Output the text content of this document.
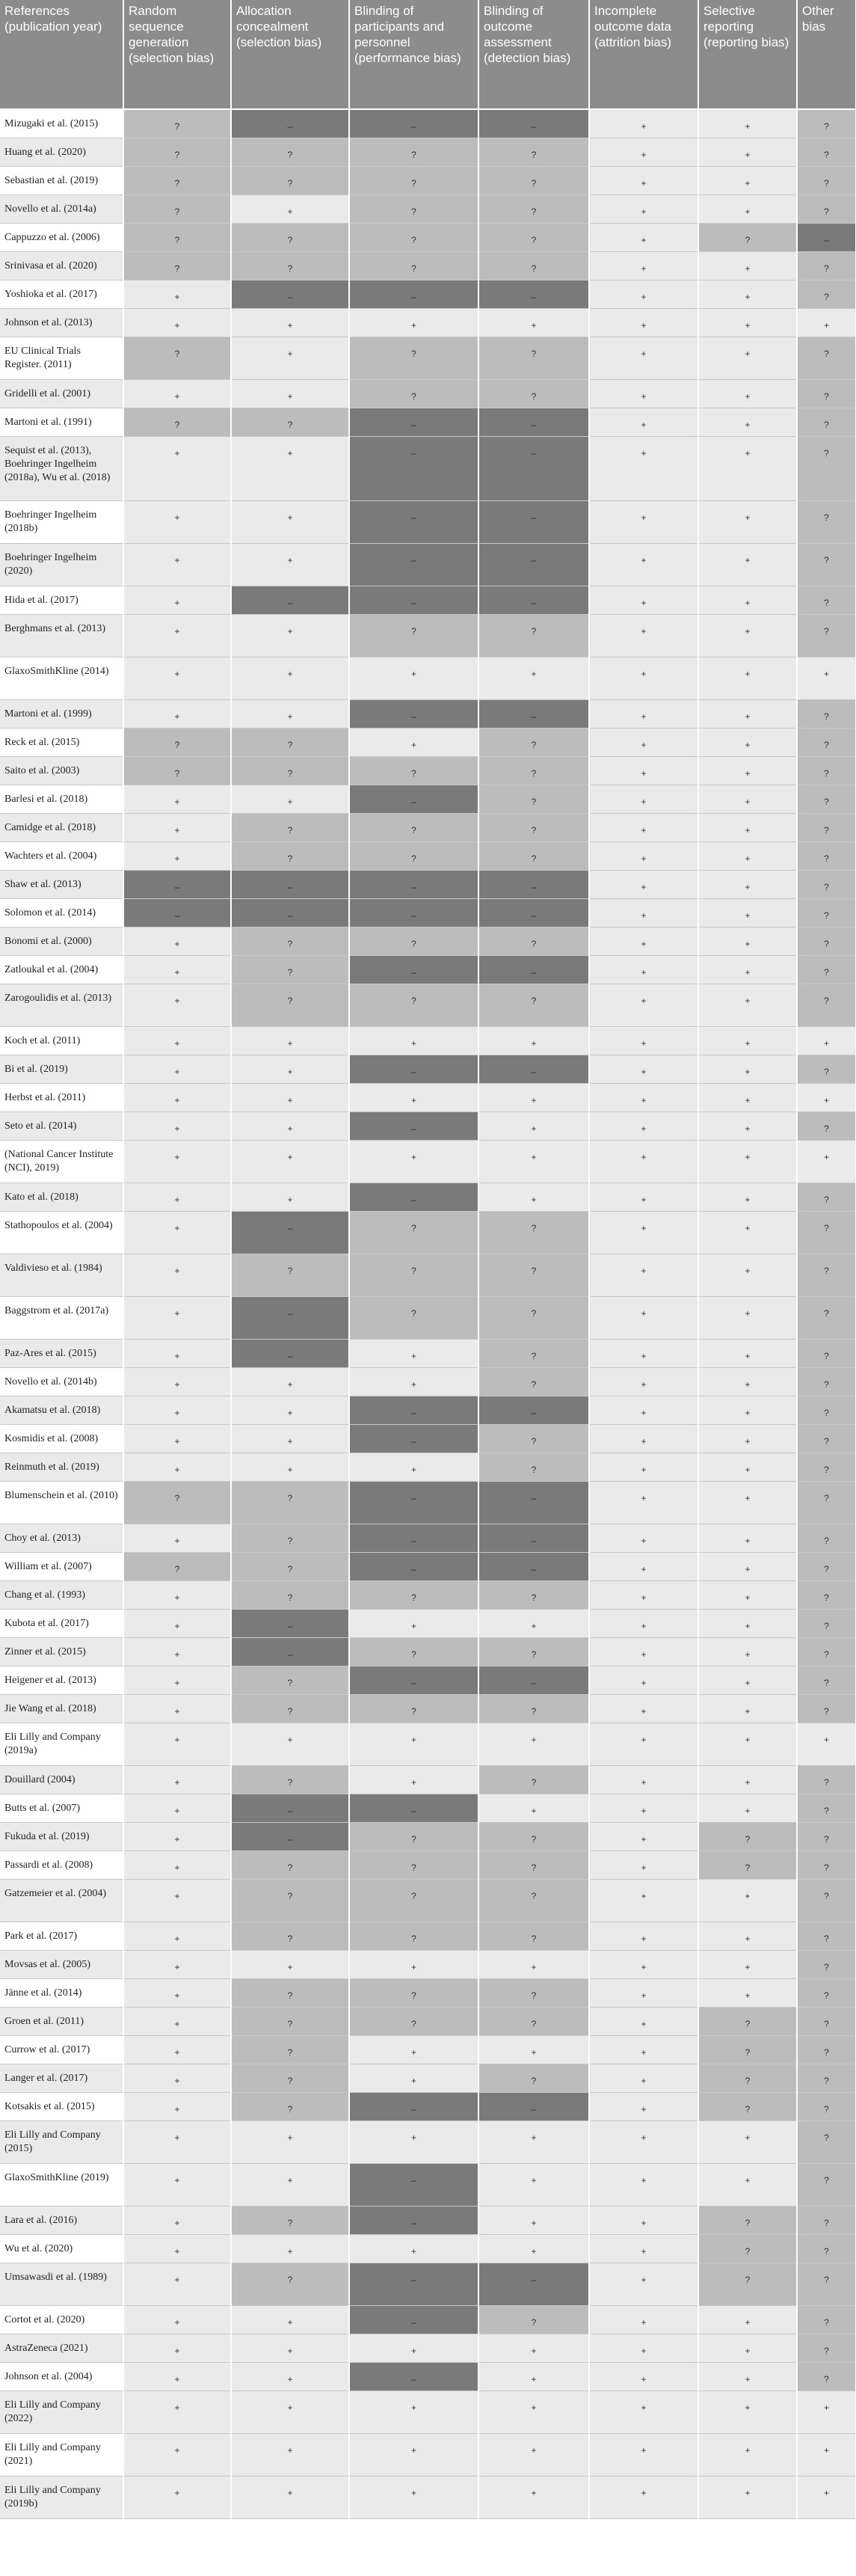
References (publication year)	Random sequence generation (selection bias)	Allocation concealment (selection bias)	Blinding of participants and personnel (performance bias)	Blinding of outcome assessment (detection bias)	Incomplete outcome data (attrition bias)	Selective reporting (reporting bias)	Other bias
Mizugaki et al. (2015)	?	–	–	–	+	+	?
Huang et al. (2020)	?	?	?	?	+	+	?
Sebastian et al. (2019)	?	?	?	?	+	+	?
Novello et al. (2014a)	?	+	?	?	+	+	?
Cappuzzo et al. (2006)	?	?	?	?	+	?	–
Srinivasa et al. (2020)	?	?	?	?	+	+	?
Yoshioka et al. (2017)	+	–	–	–	+	+	?
Johnson et al. (2013)	+	+	+	+	+	+	+
EU Clinical Trials Register. (2011)	?	+	?	?	+	+	?
Gridelli et al. (2001)	+	+	?	?	+	+	?
Martoni et al. (1991)	?	?	–	–	+	+	?
Sequist et al. (2013), Boehringer Ingelheim (2018a), Wu et al. (2018)	+	+	–	–	+	+	?
Boehringer Ingelheim (2018b)	+	+	–	–	+	+	?
Boehringer Ingelheim (2020)	+	+	–	–	+	+	?
Hida et al. (2017)	+	–	–	–	+	+	?
Berghmans et al. (2013)	+	+	?	?	+	+	?
GlaxoSmithKline (2014)	+	+	+	+	+	+	+
Martoni et al. (1999)	+	+	–	–	+	+	?
Reck et al. (2015)	?	?	+	?	+	+	?
Saito et al. (2003)	?	?	?	?	+	+	?
Barlesi et al. (2018)	+	+	–	?	+	+	?
Camidge et al. (2018)	+	?	?	?	+	+	?
Wachters et al. (2004)	+	?	?	?	+	+	?
Shaw et al. (2013)	–	–	–	–	+	+	?
Solomon et al. (2014)	–	–	–	–	+	+	?
Bonomi et al. (2000)	+	?	?	?	+	+	?
Zatloukal et al. (2004)	+	?	–	–	+	+	?
Zarogoulidis et al. (2013)	+	?	?	?	+	+	?
Koch et al. (2011)	+	+	+	+	+	+	+
Bi et al. (2019)	+	+	–	–	+	+	?
Herbst et al. (2011)	+	+	+	+	+	+	+
Seto et al. (2014)	+	+	–	+	+	+	?
(National Cancer Institute (NCI), 2019)	+	+	+	+	+	+	+
Kato et al. (2018)	+	+	–	+	+	+	?
Stathopoulos et al. (2004)	+	–	?	?	+	+	?
Valdivieso et al. (1984)	+	?	?	?	+	+	?
Baggstrom et al. (2017a)	+	–	?	?	+	+	?
Paz-Ares et al. (2015)	+	–	+	?	+	+	?
Novello et al. (2014b)	+	+	+	?	+	+	?
Akamatsu et al. (2018)	+	+	–	–	+	+	?
Kosmidis et al. (2008)	+	+	–	?	+	+	?
Reinmuth et al. (2019)	+	+	+	?	+	+	?
Blumenschein et al. (2010)	?	?	–	–	+	+	?
Choy et al. (2013)	+	?	–	–	+	+	?
William et al. (2007)	?	?	–	–	+	+	?
Chang et al. (1993)	+	?	?	?	+	+	?
Kubota et al. (2017)	+	–	+	+	+	+	?
Zinner et al. (2015)	+	–	?	?	+	+	?
Heigener et al. (2013)	+	?	–	–	+	+	?
Jie Wang et al. (2018)	+	?	?	?	+	+	?
Eli Lilly and Company (2019a)	+	+	+	+	+	+	+
Douillard (2004)	+	?	+	?	+	+	?
Butts et al. (2007)	+	–	–	+	+	+	?
Fukuda et al. (2019)	+	–	?	?	+	?	?
Passardi et al. (2008)	+	?	?	?	+	?	?
Gatzemeier et al. (2004)	+	?	?	?	+	+	?
Park et al. (2017)	+	?	?	?	+	+	?
Movsas et al. (2005)	+	+	+	+	+	+	?
Jänne et al. (2014)	+	?	?	?	+	+	?
Groen et al. (2011)	+	?	?	?	+	?	?
Currow et al. (2017)	+	?	+	+	+	?	?
Langer et al. (2017)	+	?	+	?	+	?	?
Kotsakis et al. (2015)	+	?	–	–	+	?	?
Eli Lilly and Company (2015)	+	+	+	+	+	+	?
GlaxoSmithKline (2019)	+	+	–	+	+	+	?
Lara et al. (2016)	+	?	–	+	+	?	?
Wu et al. (2020)	+	+	+	+	+	?	?
Umsawasdi et al. (1989)	+	?	–	–	+	?	?
Cortot et al. (2020)	+	+	–	?	+	+	?
AstraZeneca (2021)	+	+	+	+	+	+	?
Johnson et al. (2004)	+	+	–	+	+	+	?
Eli Lilly and Company (2022)	+	+	+	+	+	+	+
Eli Lilly and Company (2021)	+	+	+	+	+	+	+
Eli Lilly and Company (2019b)	+	+	+	+	+	+	+
